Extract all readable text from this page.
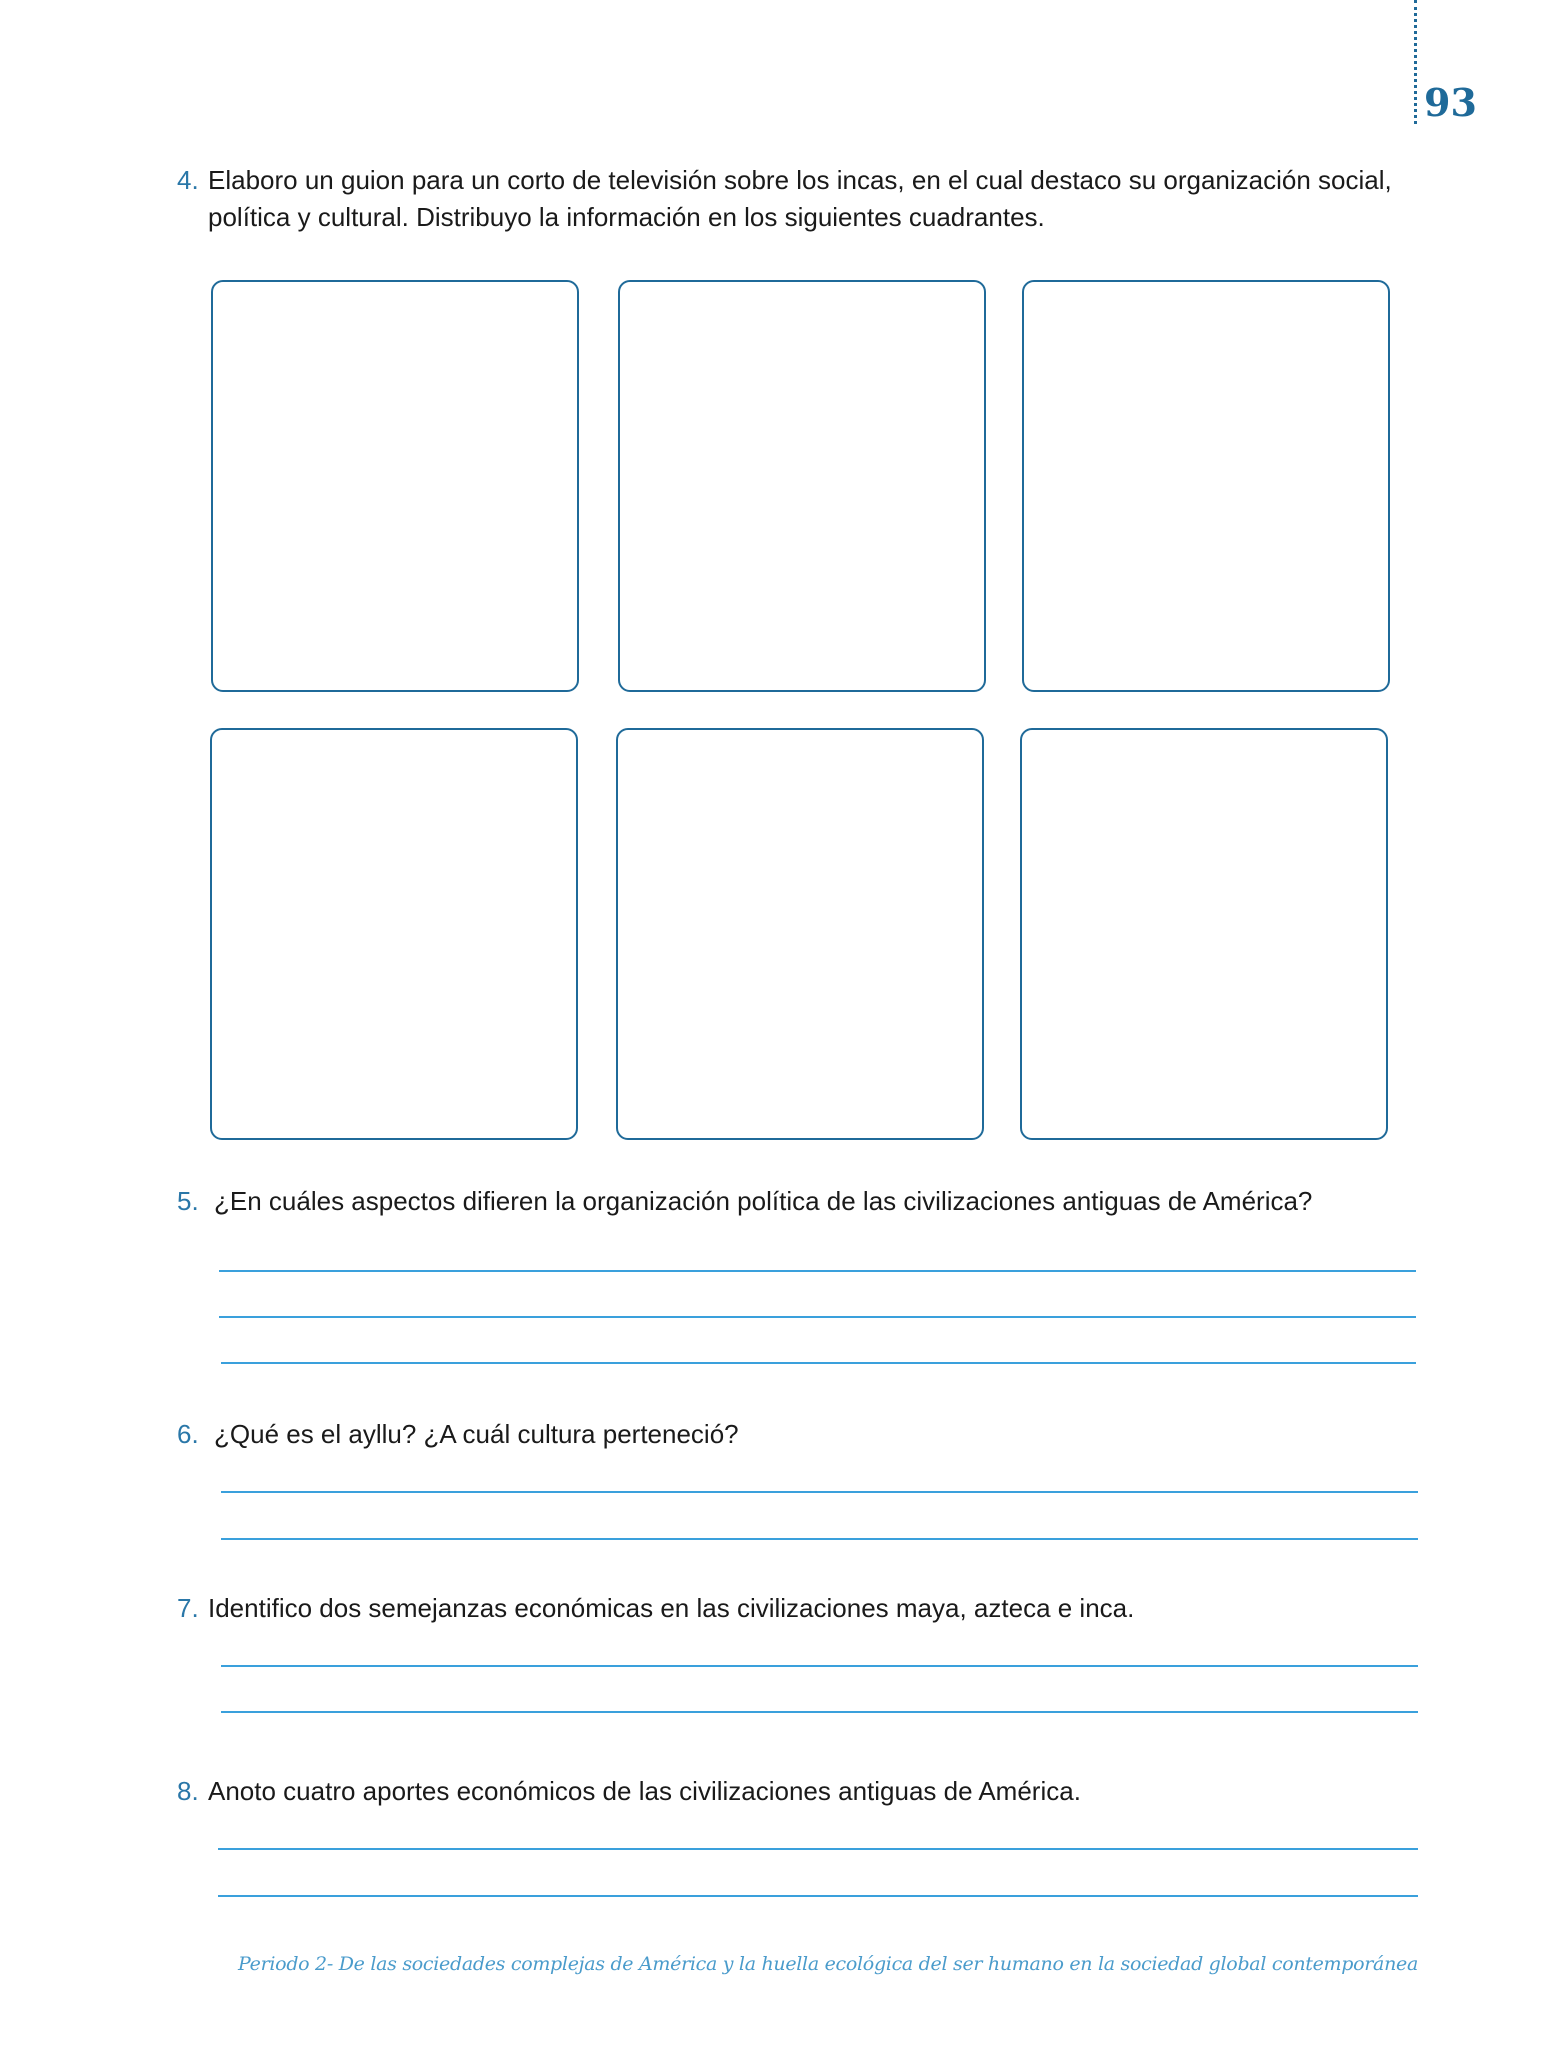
93
4. Elaboro un guion para un corto de televisión sobre los incas, en el cual destaco su organización social, política y cultural. Distribuyo la información en los siguientes cuadrantes.
5. ¿En cuáles aspectos difieren la organización política de las civilizaciones antiguas de América?
6. ¿Qué es el ayllu? ¿A cuál cultura perteneció?
7. Identifico dos semejanzas económicas en las civilizaciones maya, azteca e inca.
8. Anoto cuatro aportes económicos de las civilizaciones antiguas de América.
Periodo 2- De las sociedades complejas de América y la huella ecológica del ser humano en la sociedad global contemporánea
